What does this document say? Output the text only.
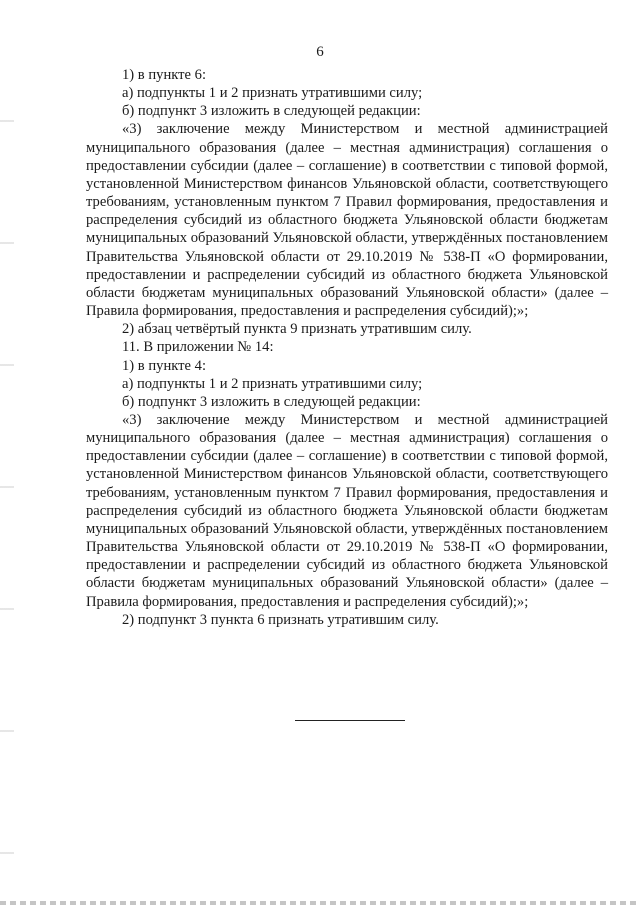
6

1) в пункте 6:

а) подпункты 1 и 2 признать утратившими силу;

б) подпункт 3 изложить в следующей редакции:

«3) заключение между Министерством и местной администрацией муниципального образования (далее – местная администрация) соглашения о предоставлении субсидии (далее – соглашение) в соответствии с типовой формой, установленной Министерством финансов Ульяновской области, соответствующего требованиям, установленным пунктом 7 Правил формирования, предоставления и распределения субсидий из областного бюджета Ульяновской области бюджетам муниципальных образований Ульяновской области, утверждённых постановлением Правительства Ульяновской области от 29.10.2019 № 538-П «О формировании, предоставлении и распределении субсидий из областного бюджета Ульяновской области бюджетам муниципальных образований Ульяновской области» (далее – Правила формирования, предоставления и распределения субсидий);»;

2) абзац четвёртый пункта 9 признать утратившим силу.

11. В приложении № 14:

1) в пункте 4:

а) подпункты 1 и 2 признать утратившими силу;

б) подпункт 3 изложить в следующей редакции:

«3) заключение между Министерством и местной администрацией муниципального образования (далее – местная администрация) соглашения о предоставлении субсидии (далее – соглашение) в соответствии с типовой формой, установленной Министерством финансов Ульяновской области, соответствующего требованиям, установленным пунктом 7 Правил формирования, предоставления и распределения субсидий из областного бюджета Ульяновской области бюджетам муниципальных образований Ульяновской области, утверждённых постановлением Правительства Ульяновской области от 29.10.2019 № 538-П «О формировании, предоставлении и распределении субсидий из областного бюджета Ульяновской области бюджетам муниципальных образований Ульяновской области» (далее – Правила формирования, предоставления и распределения субсидий);»;

2) подпункт 3 пункта 6 признать утратившим силу.
